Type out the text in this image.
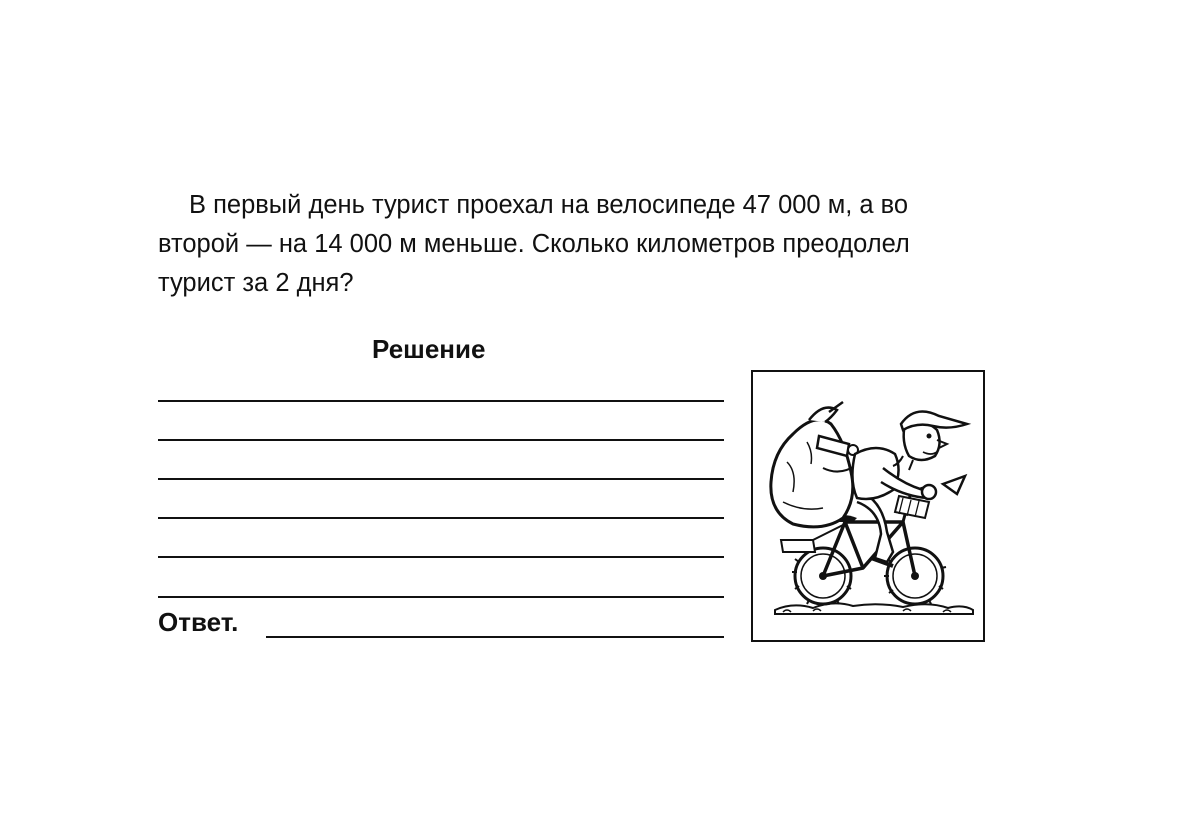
В первый день турист проехал на велосипеде 47 000 м, а во
второй — на 14 000 м меньше. Сколько километров преодолел
турист за 2 дня?
Решение
Ответ.
